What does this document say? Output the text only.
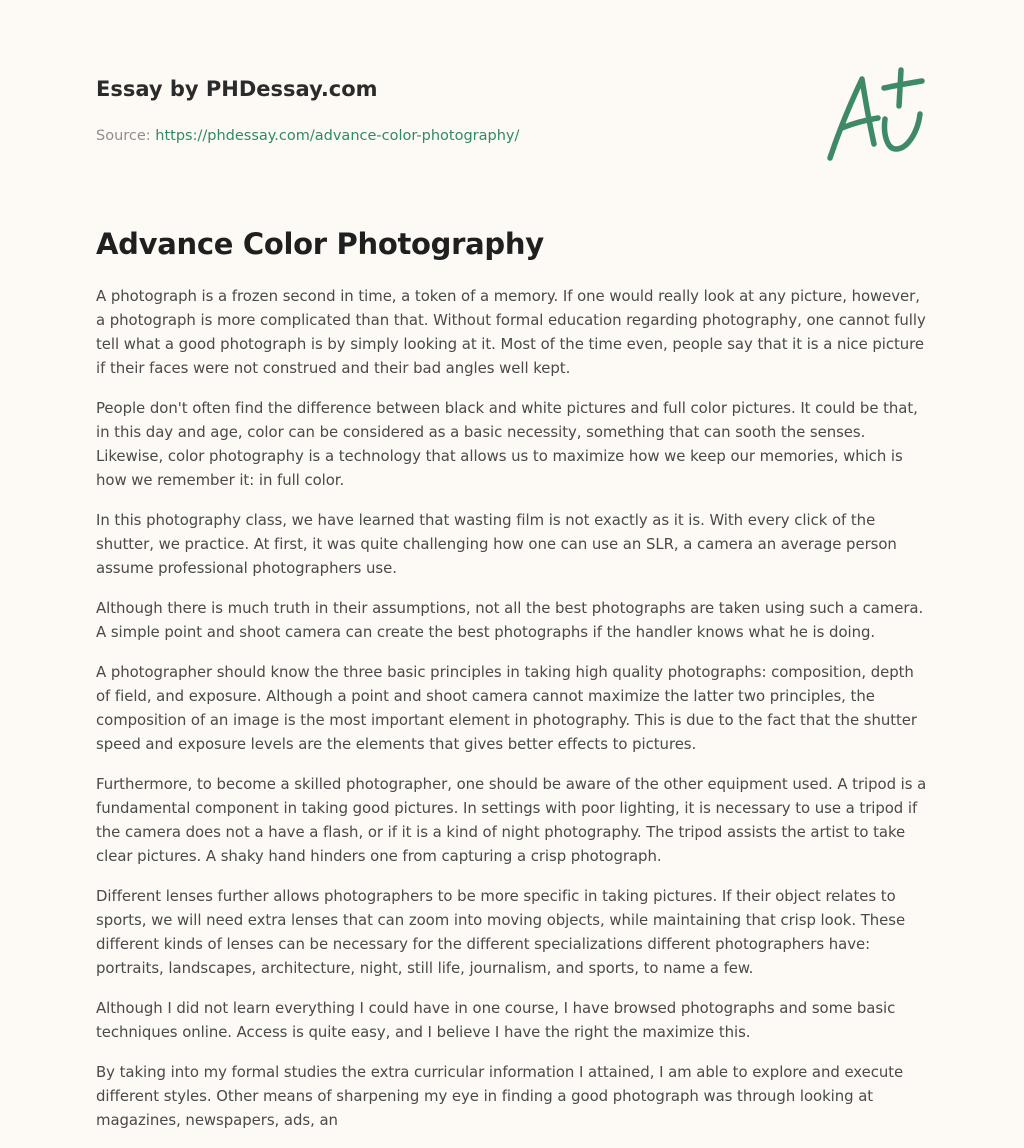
Essay by PHDessay.com
Source: https://phdessay.com/advance-color-photography/
Advance Color Photography

A photograph is a frozen second in time, a token of a memory. If one would really look at any picture, however, a photograph is more complicated than that. Without formal education regarding photography, one cannot fully tell what a good photograph is by simply looking at it. Most of the time even, people say that it is a nice picture if their faces were not construed and their bad angles well kept.

People don't often find the difference between black and white pictures and full color pictures. It could be that, in this day and age, color can be considered as a basic necessity, something that can sooth the senses. Likewise, color photography is a technology that allows us to maximize how we keep our memories, which is how we remember it: in full color.

In this photography class, we have learned that wasting film is not exactly as it is. With every click of the shutter, we practice. At first, it was quite challenging how one can use an SLR, a camera an average person assume professional photographers use.

Although there is much truth in their assumptions, not all the best photographs are taken using such a camera. A simple point and shoot camera can create the best photographs if the handler knows what he is doing.

A photographer should know the three basic principles in taking high quality photographs: composition, depth of field, and exposure. Although a point and shoot camera cannot maximize the latter two principles, the composition of an image is the most important element in photography. This is due to the fact that the shutter speed and exposure levels are the elements that gives better effects to pictures.

Furthermore, to become a skilled photographer, one should be aware of the other equipment used. A tripod is a fundamental component in taking good pictures. In settings with poor lighting, it is necessary to use a tripod if the camera does not a have a flash, or if it is a kind of night photography. The tripod assists the artist to take clear pictures. A shaky hand hinders one from capturing a crisp photograph.

Different lenses further allows photographers to be more specific in taking pictures. If their object relates to sports, we will need extra lenses that can zoom into moving objects, while maintaining that crisp look. These different kinds of lenses can be necessary for the different specializations different photographers have: portraits, landscapes, architecture, night, still life, journalism, and sports, to name a few.

Although I did not learn everything I could have in one course, I have browsed photographs and some basic techniques online. Access is quite easy, and I believe I have the right the maximize this.

By taking into my formal studies the extra curricular information I attained, I am able to explore and execute different styles. Other means of sharpening my eye in finding a good photograph was through looking at magazines, newspapers, ads, an
